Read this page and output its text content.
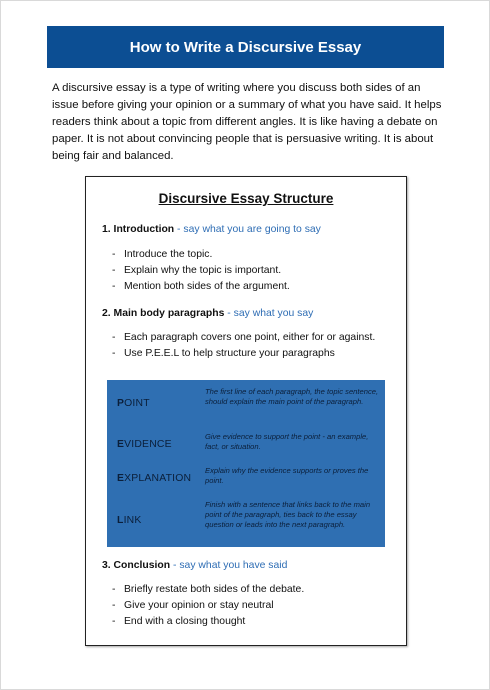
How to Write a Discursive Essay

A discursive essay is a type of writing where you discuss both sides of an issue before giving your opinion or a summary of what you have said. It helps readers think about a topic from different angles. It is like having a debate on paper. It is not about convincing people that is persuasive writing. It is about being fair and balanced.

Discursive Essay Structure
1. Introduction - say what you are going to say
- Introduce the topic.
- Explain why the topic is important.
- Mention both sides of the argument.
2. Main body paragraphs - say what you say
- Each paragraph covers one point, either for or against.
- Use P.E.E.L to help structure your paragraphs
POINT
The first line of each paragraph, the topic sentence, should explain the main point of the paragraph.
EVIDENCE
Give evidence to support the point - an example, fact, or situation.
EXPLANATION
Explain why the evidence supports or proves the point.
LINK
Finish with a sentence that links back to the main point of the paragraph, ties back to the essay question or leads into the next paragraph.
3. Conclusion - say what you have said
- Briefly restate both sides of the debate.
- Give your opinion or stay neutral
- End with a closing thought
